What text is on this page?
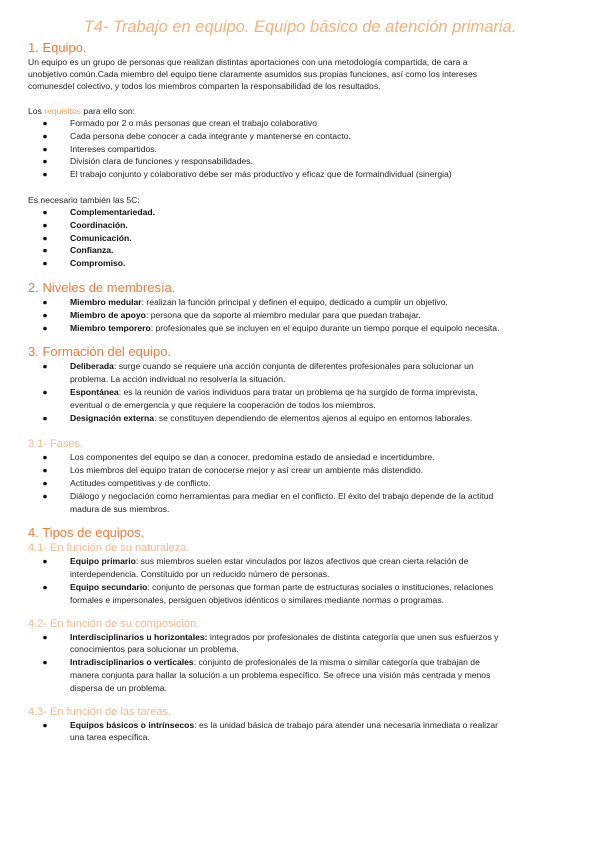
T4- Trabajo en equipo. Equipo básico de atención primaria.
1. Equipo.

Un equipo es un grupo de personas que realizan distintas aportaciones con una metodología compartida, de cara a
unobjetivo común.Cada miembro del equipo tiene claramente asumidos sus propias funciones, así como los intereses
comunesdel colectivo, y todos los miembros comparten la responsabilidad de los resultados.

Los requisitos para ello son:

●	Formado por 2 o más personas que crean el trabajo colaborativo
●	Cada persona debe conocer a cada integrante y mantenerse en contacto.
●	Intereses compartidos.
●	División clara de funciones y responsabilidades.
●	El trabajo conjunto y colaborativo debe ser más productivo y eficaz que de formaindividual (sinergia)

Es necesario también las 5C:

●	Complementariedad.
●	Coordinación.
●	Comunicación.
●	Confianza.
●	Compromiso.
2. Niveles de membresía.
●	Miembro medular: realizan la función principal y definen el equipo, dedicado a cumplir un objetivo.
●	Miembro de apoyo: persona que da soporte al miembro medular para que puedan trabajar.
●	Miembro temporero: profesionales que se incluyen en el equipo durante un tiempo porque el equipolo necesita.
3. Formación del equipo.
●	Deliberada: surge cuando se requiere una acción conjunta de diferentes profesionales para solucionar un
problema. La acción individual no resolvería la situación.
●	Espontánea: es la reunión de varios individuos para tratar un problema qe ha surgido de forma imprevista,
eventual o de emergencia y que requiere la cooperación de todos los miembros.
●	Designación externa: se constituyen dependiendo de elementos ajenos al equipo en entornos laborales.
3.1- Fases.
●	Los componentes del equipo se dan a conocer, predomina estado de ansiedad e incertidumbre.
●	Los miembros del equipo tratan de conocerse mejor y así crear un ambiente más distendido.
●	Actitudes competitivas y de conflicto.
●	Diálogo y negociación como herramientas para mediar en el conflicto. El éxito del trabajo depende de la actitud
madura de sus miembros.
4. Tipos de equipos.
4.1- En función de su naturaleza.
●	Equipo primario: sus miembros suelen estar vinculados por lazos afectivos que crean cierta relación de
interdependencia. Constituido por un reducido número de personas.
●	Equipo secundario: conjunto de personas que forman parte de estructuras sociales o instituciones, relaciones
formales e impersonales, persiguen objetivos idénticos o similares mediante normas o programas.
4.2- En función de su composición.
●	Interdisciplinarios u horizontales: integrados por profesionales de distinta categoría que unen sus esfuerzos y
conocimientos para solucionar un problema.
●	Intradisciplinarios o verticales: conjunto de profesionales de la misma o similar categoría que trabajan de
manera conjunta para hallar la solución a un problema específico. Se ofrece una visión más centrada y menos
dispersa de un problema.
4.3- En función de las tareas.
●	Equipos básicos o intrínsecos: es la unidad básica de trabajo para atender una necesaria inmediata o realizar
una tarea específica.
